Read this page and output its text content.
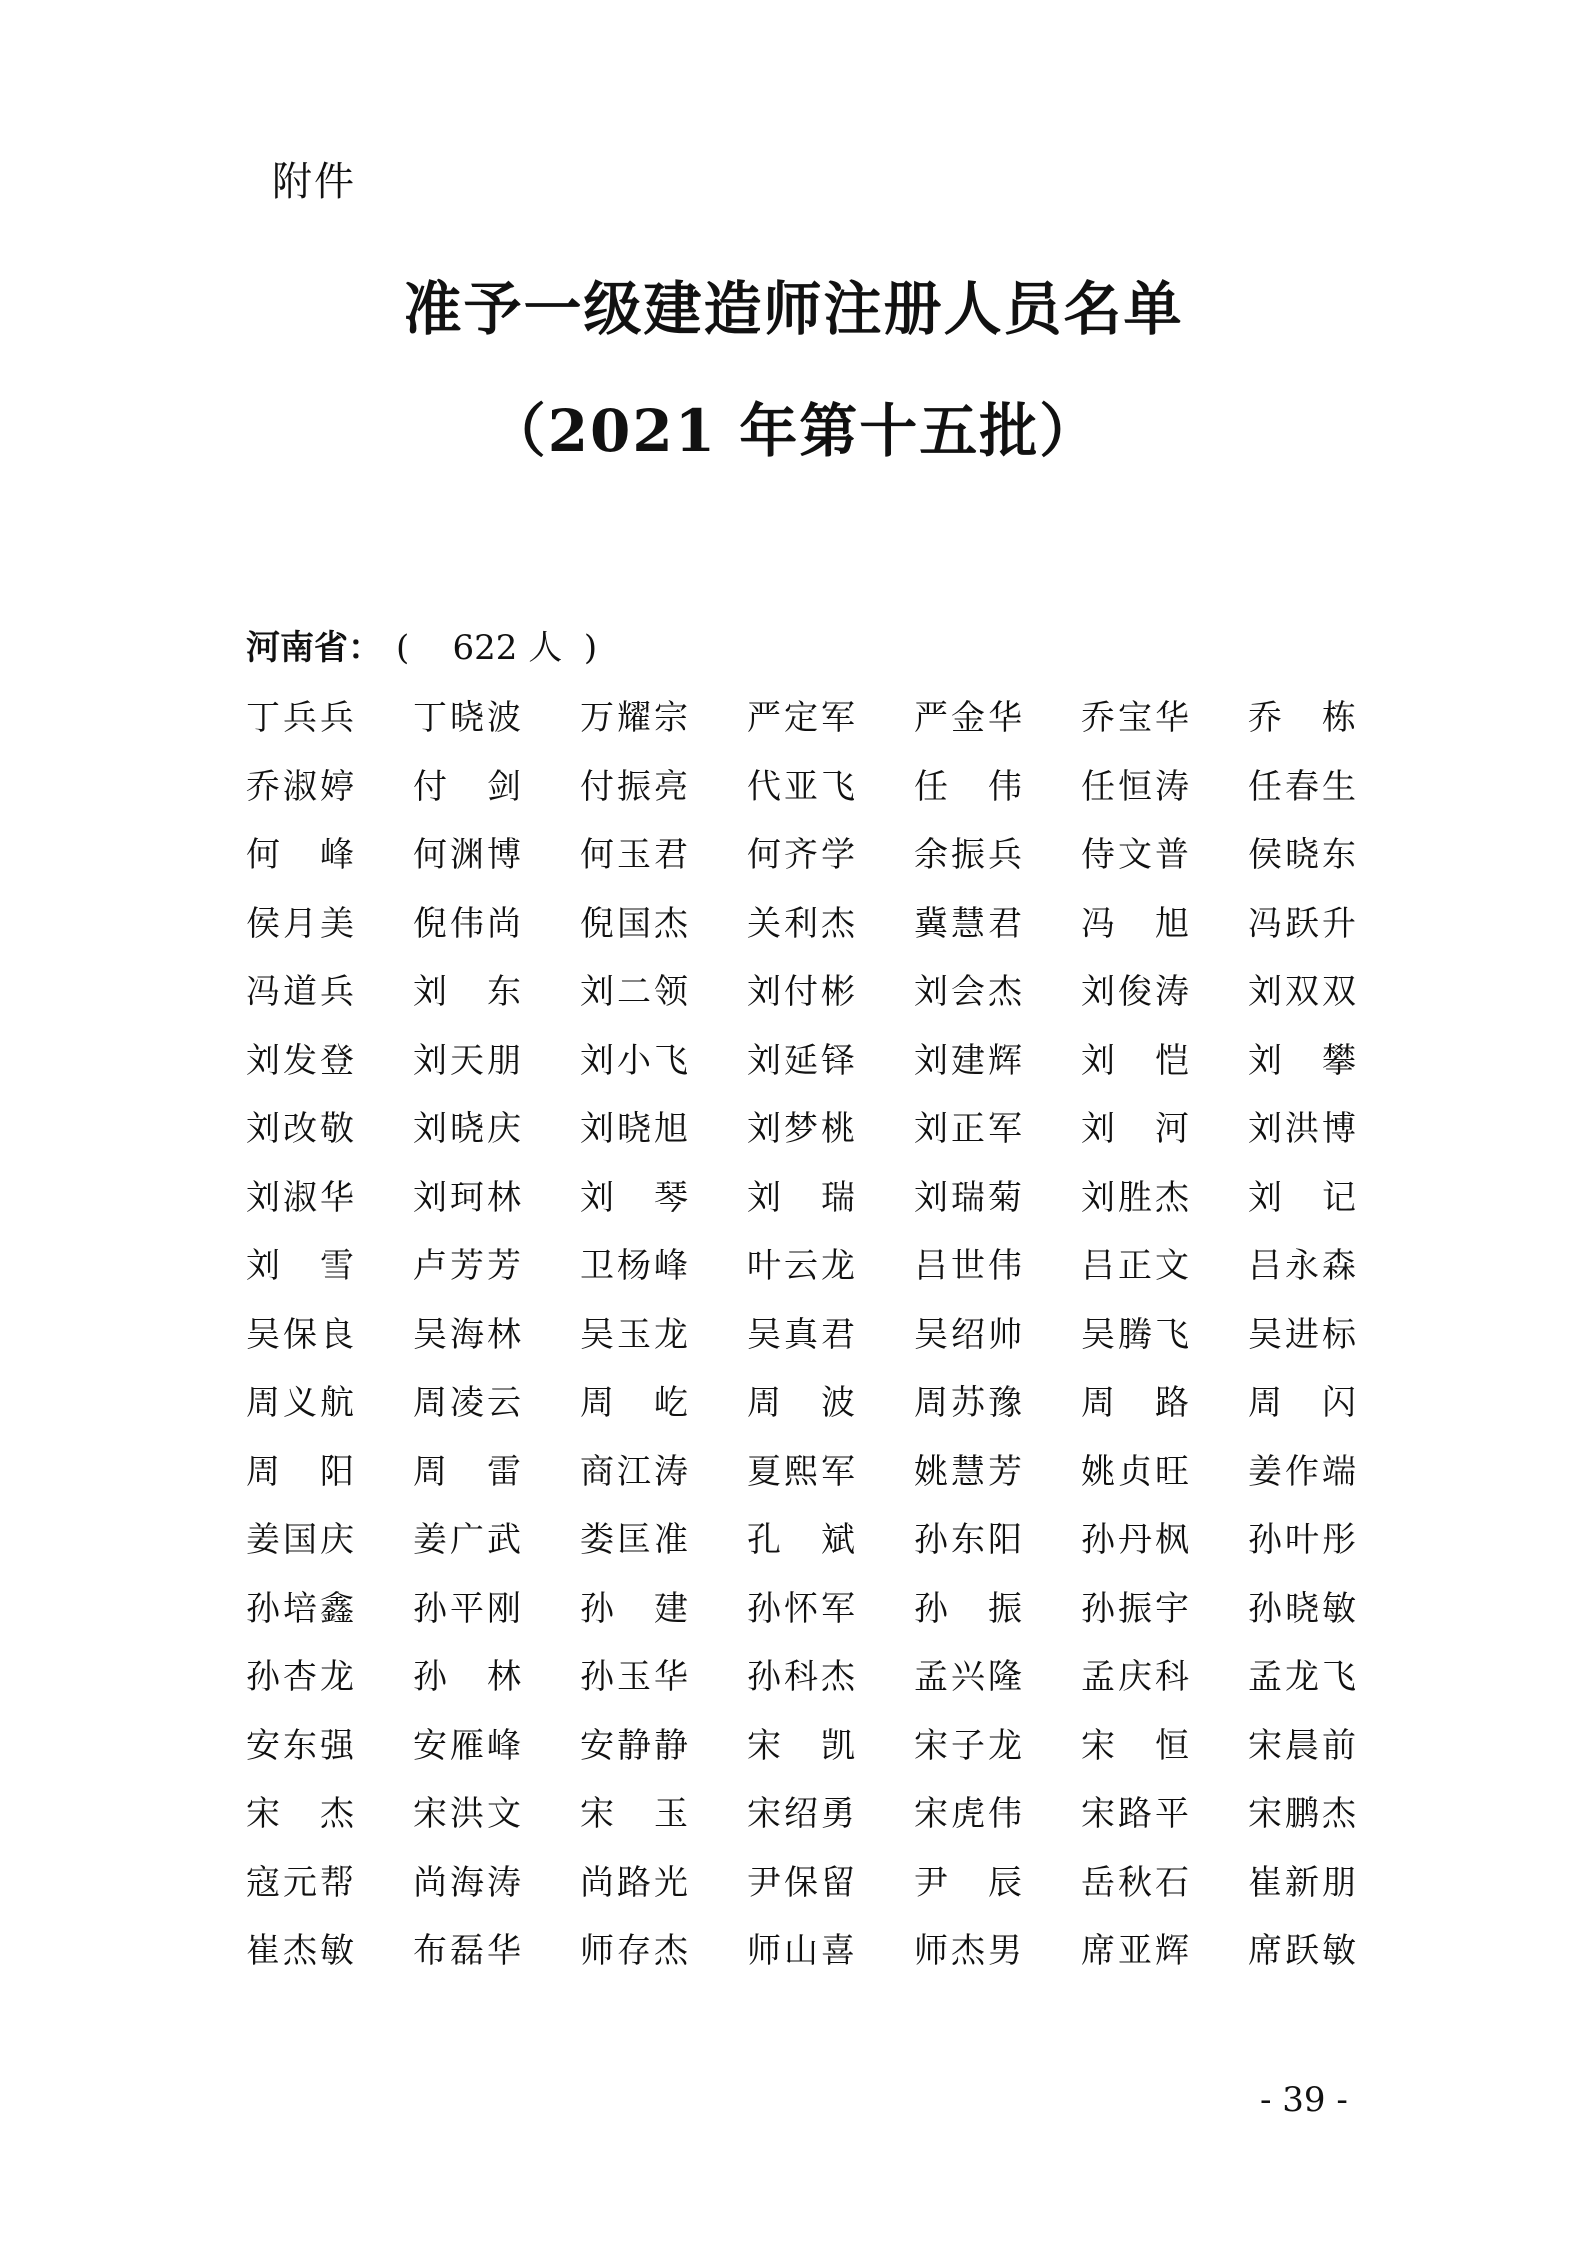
附件
准予一级建造师注册人员名单
（2021 年第十五批）
河南省： (    622 人  )
丁 兵 兵 丁 晓 波 万 耀 宗 严 定 军 严 金 华 乔 宝 华 乔 栋
乔 淑 婷 付 剑 付 振 亮 代 亚 飞 任 伟 任 恒 涛 任 春 生
何 峰 何 渊 博 何 玉 君 何 齐 学 余 振 兵 侍 文 普 侯 晓 东
侯 月 美 倪 伟 尚 倪 国 杰 关 利 杰 冀 慧 君 冯 旭 冯 跃 升
冯 道 兵 刘 东 刘 二 领 刘 付 彬 刘 会 杰 刘 俊 涛 刘 双 双
刘 发 登 刘 天 朋 刘 小 飞 刘 延 铎 刘 建 辉 刘 恺 刘 攀
刘 改 敬 刘 晓 庆 刘 晓 旭 刘 梦 桃 刘 正 军 刘 河 刘 洪 博
刘 淑 华 刘 珂 林 刘 琴 刘 瑞 刘 瑞 菊 刘 胜 杰 刘 记
刘 雪 卢 芳 芳 卫 杨 峰 叶 云 龙 吕 世 伟 吕 正 文 吕 永 森
吴 保 良 吴 海 林 吴 玉 龙 吴 真 君 吴 绍 帅 吴 腾 飞 吴 进 标
周 义 航 周 凌 云 周 屹 周 波 周 苏 豫 周 路 周 闪
周 阳 周 雷 商 江 涛 夏 熙 军 姚 慧 芳 姚 贞 旺 姜 作 端
姜 国 庆 姜 广 武 娄 匡 准 孔 斌 孙 东 阳 孙 丹 枫 孙 叶 彤
孙 培 鑫 孙 平 刚 孙 建 孙 怀 军 孙 振 孙 振 宇 孙 晓 敏
孙 杏 龙 孙 林 孙 玉 华 孙 科 杰 孟 兴 隆 孟 庆 科 孟 龙 飞
安 东 强 安 雁 峰 安 静 静 宋 凯 宋 子 龙 宋 恒 宋 晨 前
宋 杰 宋 洪 文 宋 玉 宋 绍 勇 宋 虎 伟 宋 路 平 宋 鹏 杰
寇 元 帮 尚 海 涛 尚 路 光 尹 保 留 尹 辰 岳 秋 石 崔 新 朋
崔 杰 敏 布 磊 华 师 存 杰 师 山 喜 师 杰 男 席 亚 辉 席 跃 敏
- 39 -
